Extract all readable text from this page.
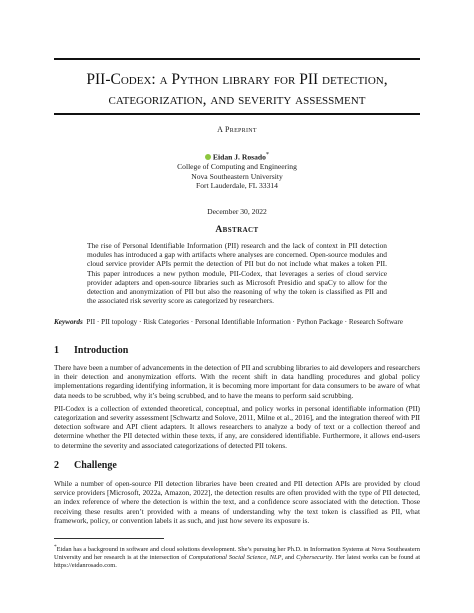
PII-Codex: a Python library for PII detection,
categorization, and severity assessment
A Preprint
Eidan J. Rosado*
College of Computing and Engineering
Nova Southeastern University
Fort Lauderdale, FL 33314
December 30, 2022
Abstract
The rise of Personal Identifiable Information (PII) research and the lack of context in PII detection modules has introduced a gap with artifacts where analyses are concerned. Open-source modules and cloud service provider APIs permit the detection of PII but do not include what makes a token PII. This paper introduces a new python module, PII-Codex, that leverages a series of cloud service provider adapters and open-source libraries such as Microsoft Presidio and spaCy to allow for the detection and anonymization of PII but also the reasoning of why the token is classified as PII and the associated risk severity score as categorized by researchers.
Keywords PII · PII topology · Risk Categories · Personal Identifiable Information · Python Package · Research Software
1 Introduction

There have been a number of advancements in the detection of PII and scrubbing libraries to aid developers and researchers in their detection and anonymization efforts. With the recent shift in data handling procedures and global policy implementations regarding identifying information, it is becoming more important for data consumers to be aware of what data needs to be scrubbed, why it’s being scrubbed, and to have the means to perform said scrubbing.

PII-Codex is a collection of extended theoretical, conceptual, and policy works in personal identifiable information (PII) categorization and severity assessment [Schwartz and Solove, 2011, Milne et al., 2016], and the integration thereof with PII detection software and API client adapters. It allows researchers to analyze a body of text or a collection thereof and determine whether the PII detected within these texts, if any, are considered identifiable. Furthermore, it allows end-users to determine the severity and associated categorizations of detected PII tokens.

2 Challenge

While a number of open-source PII detection libraries have been created and PII detection APIs are provided by cloud service providers [Microsoft, 2022a, Amazon, 2022], the detection results are often provided with the type of PII detected, an index reference of where the detection is within the text, and a confidence score associated with the detection. Those receiving these results aren’t provided with a means of understanding why the text token is classified as PII, what framework, policy, or convention labels it as such, and just how severe its exposure is.

*Eidan has a background in software and cloud solutions development. She’s pursuing her Ph.D. in Information Systems at Nova Southeastern University and her research is at the intersection of Computational Social Science, NLP, and Cybersecurity. Her latest works can be found at https://eidanrosado.com.
